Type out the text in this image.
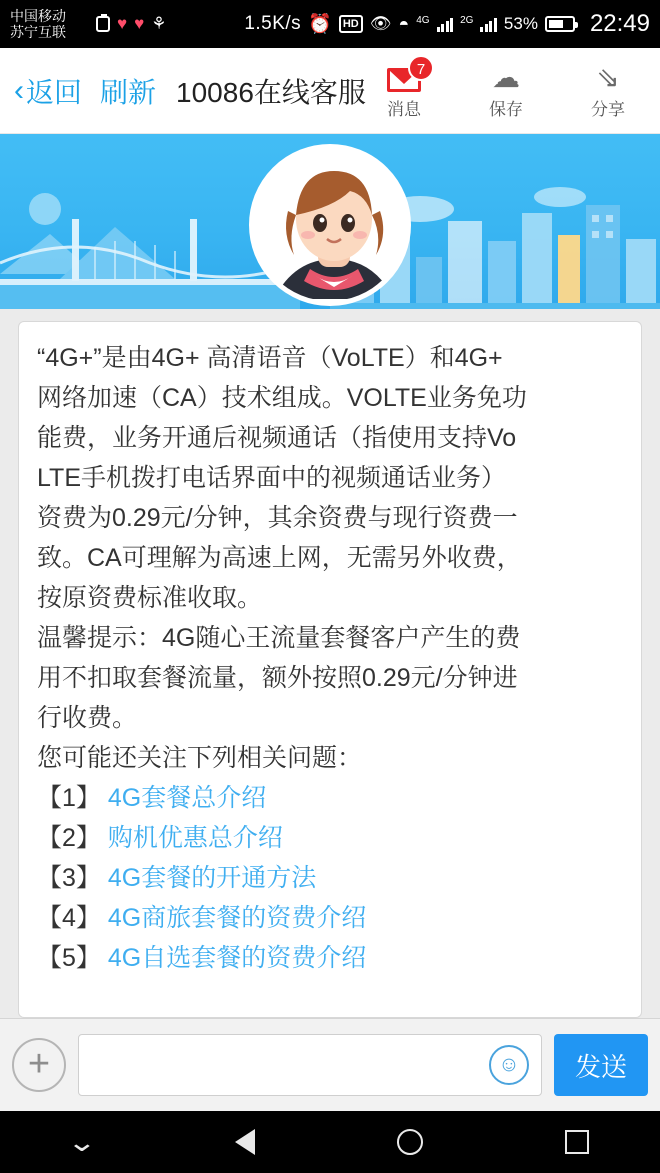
中国移动
苏宁互联	♥ ♥ ⚘	1.5K/s ⏰	HD 👁 ◓ 4G	2G 53% 22:49
‹ 返回 刷新 10086在线客服
7
消息
☁
保存
⇘
分享

“4G+”是由4G+ 高清语音（VoLTE）和4G+

网络加速（CA）技术组成。VOLTE业务免功

能费，业务开通后视频通话（指使用支持Vo

LTE手机拨打电话界面中的视频通话业务）

资费为0.29元/分钟，其余资费与现行资费一

致。CA可理解为高速上网，无需另外收费，

按原资费标准收取。

温馨提示：4G随心王流量套餐客户产生的费

用不扣取套餐流量，额外按照0.29元/分钟进

行收费。

您可能还关注下列相关问题：

【1】 4G套餐总介绍

【2】 购机优惠总介绍

【3】 4G套餐的开通方法

【4】 4G商旅套餐的资费介绍

【5】 4G自选套餐的资费介绍

+	☺	发送
⌄
